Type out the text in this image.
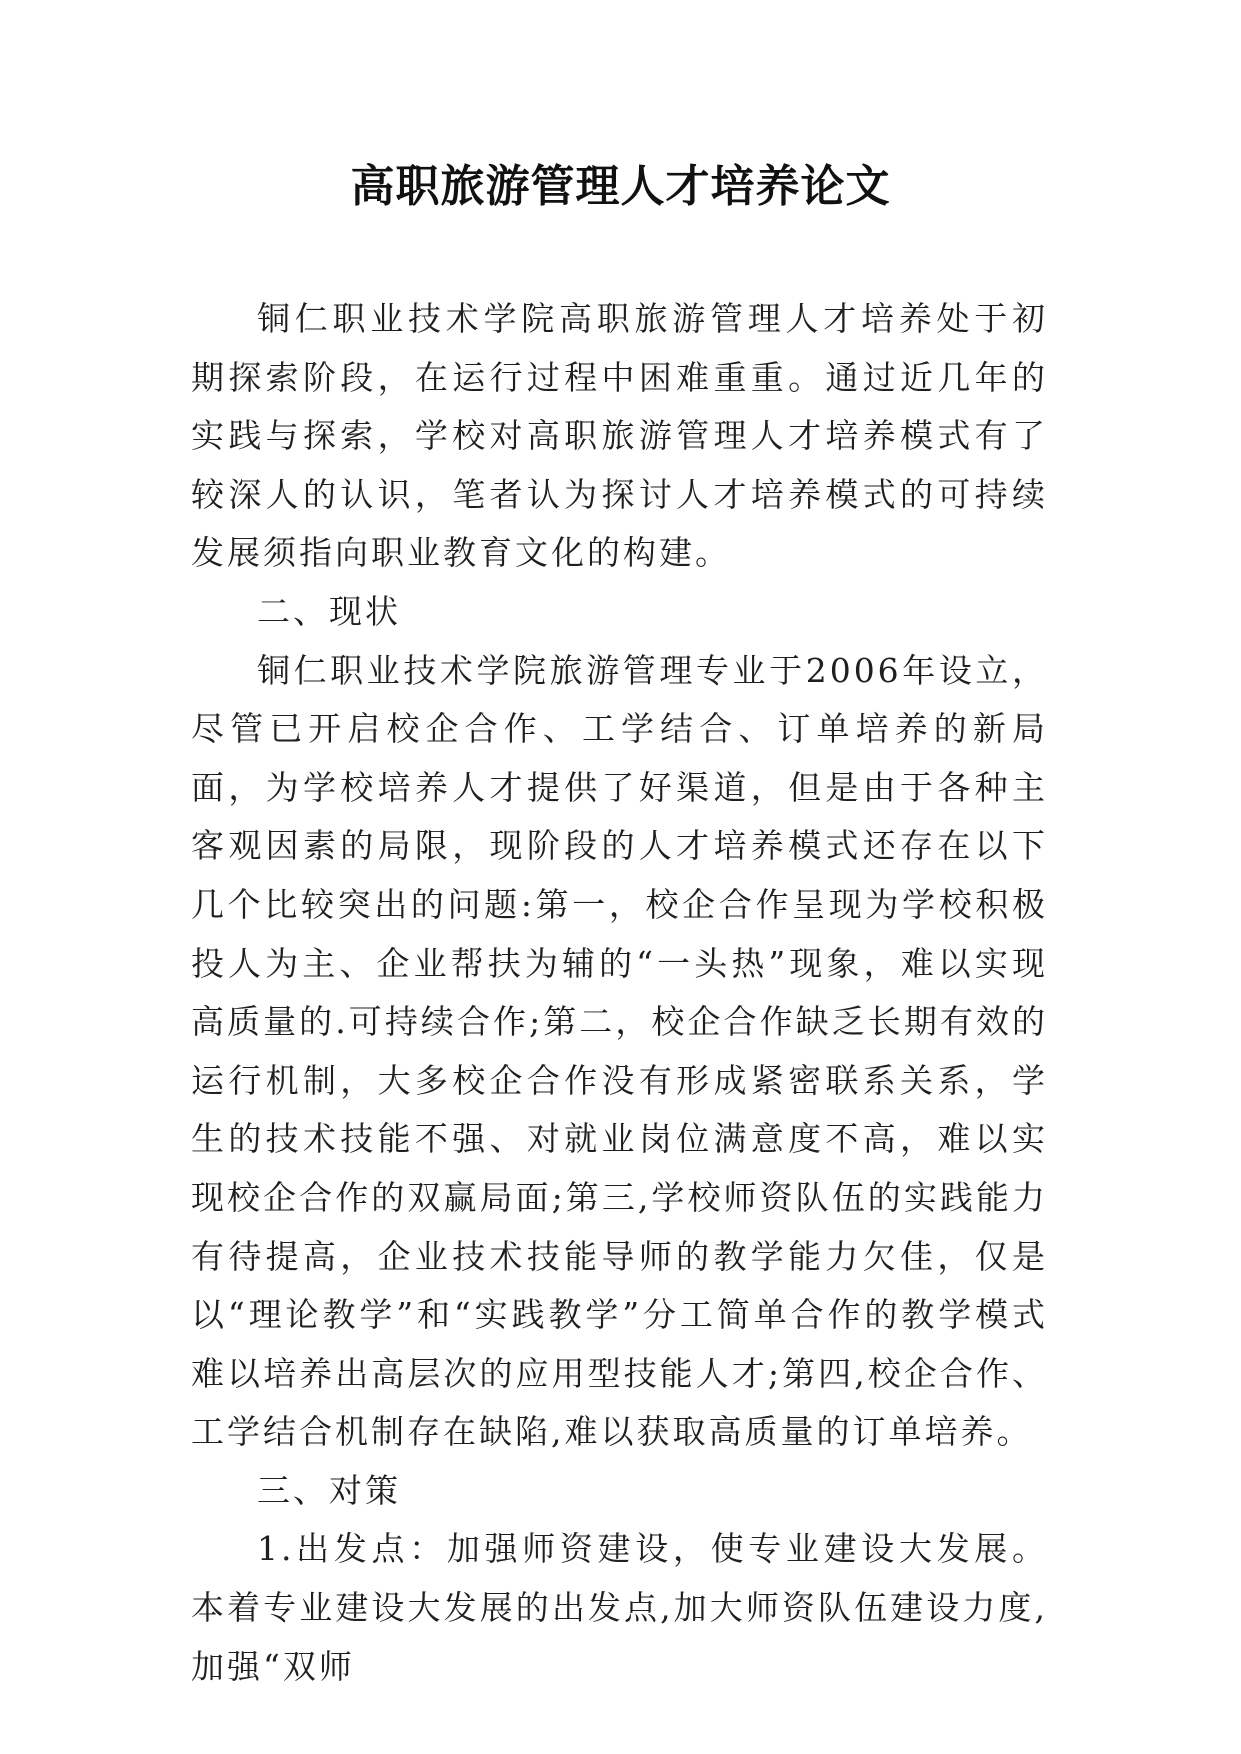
高职旅游管理人才培养论文

铜仁职业技术学院高职旅游管理人才培养处于初期探索阶段，在运行过程中困难重重。通过近几年的实践与探索，学校对高职旅游管理人才培养模式有了较深人的认识，笔者认为探讨人才培养模式的可持续发展须指向职业教育文化的构建。

二、现状

铜仁职业技术学院旅游管理专业于2006年设立，尽管已开启校企合作、工学结合、订单培养的新局面，为学校培养人才提供了好渠道，但是由于各种主客观因素的局限，现阶段的人才培养模式还存在以下几个比较突出的问题:第一，校企合作呈现为学校积极投人为主、企业帮扶为辅的“一头热”现象，难以实现高质量的.可持续合作;第二，校企合作缺乏长期有效的运行机制，大多校企合作没有形成紧密联系关系，学生的技术技能不强、对就业岗位满意度不高，难以实现校企合作的双赢局面;第三,学校师资队伍的实践能力有待提高，企业技术技能导师的教学能力欠佳，仅是以“理论教学”和“实践教学”分工简单合作的教学模式难以培养出高层次的应用型技能人才;第四,校企合作、工学结合机制存在缺陷,难以获取高质量的订单培养。

三、对策

1.出发点：加强师资建设，使专业建设大发展。本着专业建设大发展的出发点,加大师资队伍建设力度,加强“双师
